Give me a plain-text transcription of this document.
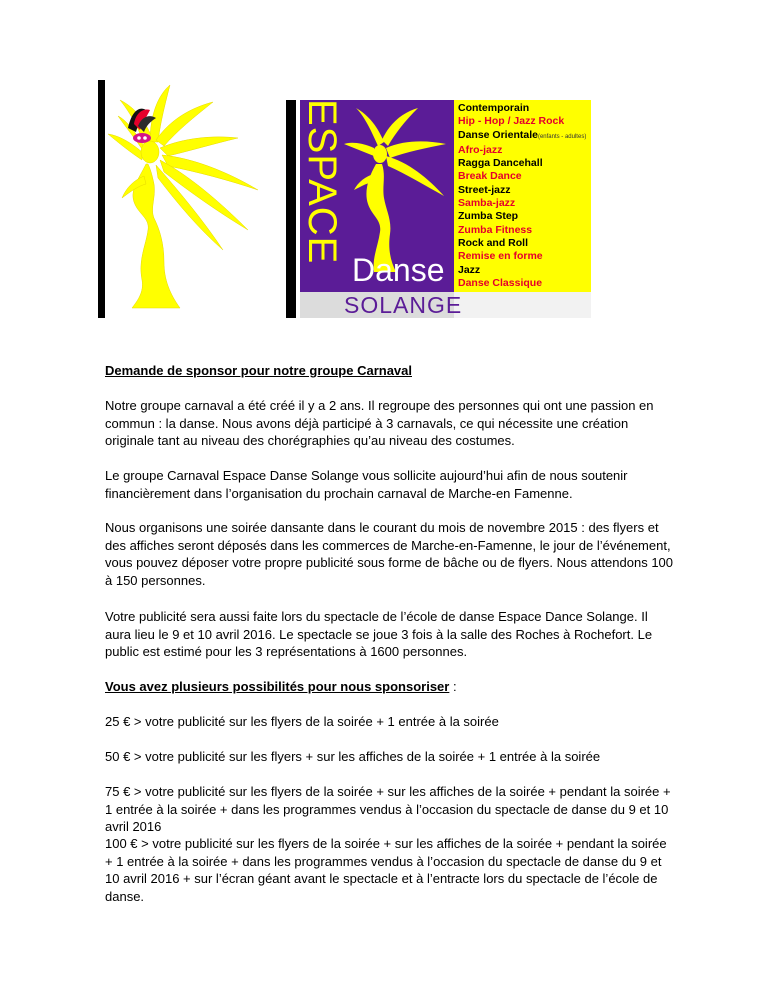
ESPACE
Danse
SOLANGE
Contemporain
Hip - Hop / Jazz Rock
Danse Orientale(enfants - adultes)
Afro-jazz
Ragga Dancehall
Break Dance
Street-jazz
Samba-jazz
Zumba Step
Zumba Fitness
Rock and Roll
Remise en forme
Jazz
Danse Classique

Demande de sponsor pour notre groupe Carnaval

Notre groupe carnaval a été créé il y a 2 ans. Il regroupe des personnes qui ont une passion en commun : la danse. Nous avons déjà participé à 3 carnavals, ce qui nécessite une création originale tant au niveau des chorégraphies qu’au niveau des costumes.

Le groupe Carnaval Espace Danse Solange vous sollicite aujourd’hui afin de nous soutenir financièrement dans l’organisation du prochain carnaval de Marche-en Famenne.

Nous organisons une soirée dansante dans le courant du mois de novembre 2015 : des flyers et des affiches seront déposés dans les commerces de Marche-en-Famenne, le jour de l’événement, vous pouvez déposer votre propre publicité sous forme de bâche ou de flyers. Nous attendons 100 à 150 personnes.

Votre publicité sera aussi faite lors du spectacle de l’école de danse Espace Dance Solange. Il aura lieu le 9 et 10 avril 2016. Le spectacle se joue 3 fois à la salle des Roches à Rochefort. Le public est estimé pour les 3 représentations à 1600 personnes.

Vous avez plusieurs possibilités pour nous sponsoriser :

25 € > votre publicité sur les flyers de la soirée + 1 entrée à la soirée

50 € > votre publicité sur les flyers + sur les affiches de la soirée + 1 entrée à la soirée

75 € > votre publicité sur les flyers de la soirée + sur les affiches de la soirée + pendant la soirée + 1 entrée à la soirée + dans les programmes vendus à l’occasion du spectacle de danse du 9 et 10 avril 2016

100 € > votre publicité sur les flyers de la soirée + sur les affiches de la soirée + pendant la soirée + 1 entrée à la soirée + dans les programmes vendus à l’occasion du spectacle de danse du 9 et 10 avril 2016 + sur l’écran géant avant le spectacle et à l’entracte lors du spectacle de l’école de danse.
